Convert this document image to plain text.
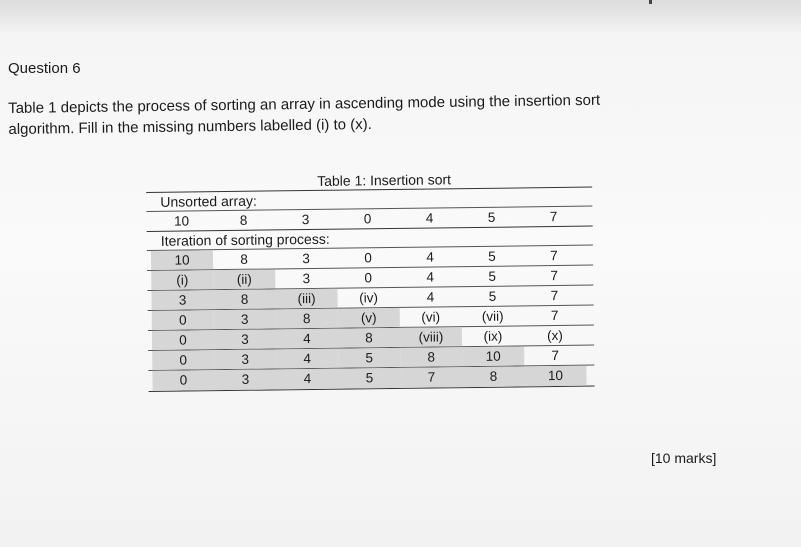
Question 6
Table 1 depicts the process of sorting an array in ascending mode using the insertion sort
algorithm. Fill in the missing numbers labelled (i) to (x).
Table 1: Insertion sort
Unsorted array:
10	8	3	0	4	5	7
Iteration of sorting process:
10	8	3	0	4	5	7
(i)	(ii)	3	0	4	5	7
3	8	(iii)	(iv)	4	5	7
0	3	8	(v)	(vi)	(vii)	7
0	3	4	8	(viii)	(ix)	(x)
0	3	4	5	8	10	7
0	3	4	5	7	8	10
[10 marks]
